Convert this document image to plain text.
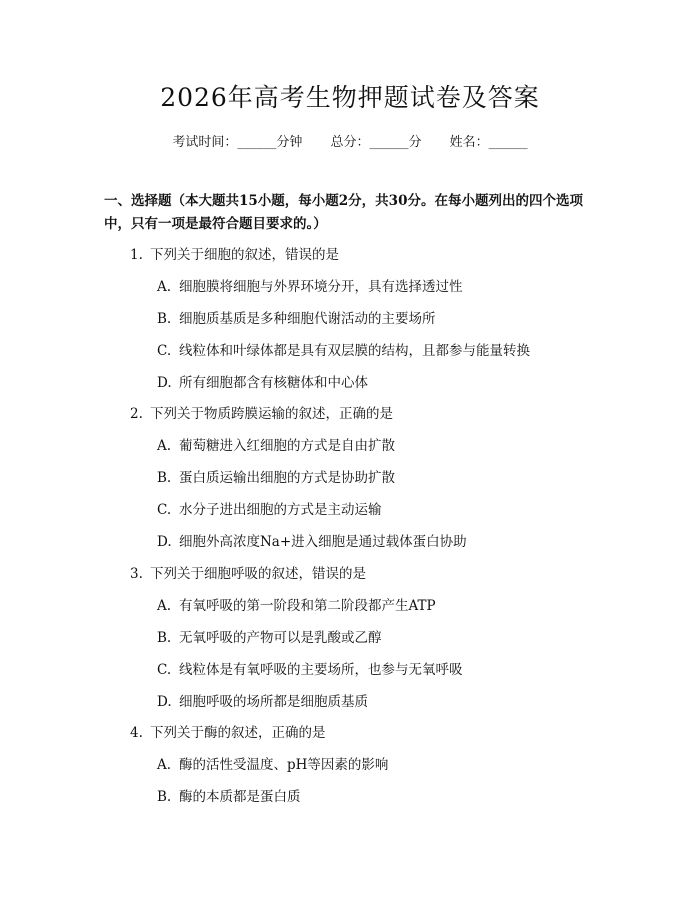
2026年高考生物押题试卷及答案
考试时间：______分钟 总分：______分 姓名：______
一、选择题（本大题共15小题，每小题2分，共30分。在每小题列出的四个选项中，只有一项是最符合题目要求的。）
1. 下列关于细胞的叙述，错误的是
A. 细胞膜将细胞与外界环境分开，具有选择透过性
B. 细胞质基质是多种细胞代谢活动的主要场所
C. 线粒体和叶绿体都是具有双层膜的结构，且都参与能量转换
D. 所有细胞都含有核糖体和中心体
2. 下列关于物质跨膜运输的叙述，正确的是
A. 葡萄糖进入红细胞的方式是自由扩散
B. 蛋白质运输出细胞的方式是协助扩散
C. 水分子进出细胞的方式是主动运输
D. 细胞外高浓度Na+进入细胞是通过载体蛋白协助
3. 下列关于细胞呼吸的叙述，错误的是
A. 有氧呼吸的第一阶段和第二阶段都产生ATP
B. 无氧呼吸的产物可以是乳酸或乙醇
C. 线粒体是有氧呼吸的主要场所，也参与无氧呼吸
D. 细胞呼吸的场所都是细胞质基质
4. 下列关于酶的叙述，正确的是
A. 酶的活性受温度、pH等因素的影响
B. 酶的本质都是蛋白质
